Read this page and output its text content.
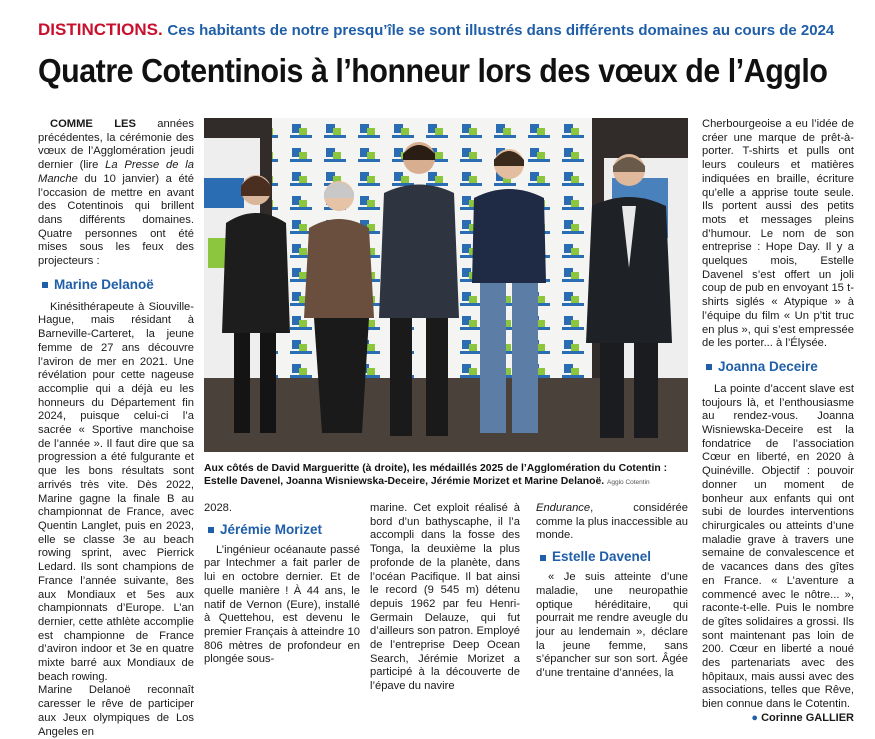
DISTINCTIONS. Ces habitants de notre presqu’île se sont illustrés dans différents domaines au cours de 2024
Quatre Cotentinois à l’honneur lors des vœux de l’Agglo

COMME LES années précédentes, la cérémonie des vœux de l’Agglomération jeudi dernier (lire La Presse de la Manche du 10 janvier) a été l’occasion de mettre en avant des Cotentinois qui brillent dans différents domaines. Quatre personnes ont été mises sous les feux des projecteurs :

Marine Delanoë

Kinésithérapeute à Siouville-Hague, mais résidant à Barneville-Carteret, la jeune femme de 27 ans découvre l’aviron de mer en 2021. Une révélation pour cette nageuse accomplie qui a déjà eu les honneurs du Département fin 2024, puisque celui-ci l’a sacrée « Sportive manchoise de l’année ». Il faut dire que sa progression a été fulgurante et que les bons résultats sont arrivés très vite. Dès 2022, Marine gagne la finale B au championnat de France, avec Quentin Langlet, puis en 2023, elle se classe 3e au beach rowing sprint, avec Pierrick Ledard. Ils sont champions de France l’année suivante, 8es aux Mondiaux et 5es aux championnats d’Europe. L’an dernier, cette athlète accomplie est championne de France d’aviron indoor et 3e en quatre mixte barré aux Mondiaux de beach rowing.

Marine Delanoë reconnaît caresser le rêve de participer aux Jeux olympiques de Los Angeles en

Aux côtés de David Margueritte (à droite), les médaillés 2025 de l’Agglomération du Cotentin : Estelle Davenel, Joanna Wisniewska-Deceire, Jérémie Morizet et Marine Delanoë. Agglo Cotentin

2028.

Jérémie Morizet

L’ingénieur océanaute passé par Intechmer a fait parler de lui en octobre dernier. Et de quelle manière ! À 44 ans, le natif de Vernon (Eure), installé à Quettehou, est devenu le premier Français à atteindre 10 806 mètres de profondeur en plongée sous-

marine. Cet exploit réalisé à bord d’un bathyscaphe, il l’a accompli dans la fosse des Tonga, la deuxième la plus profonde de la planète, dans l’océan Pacifique. Il bat ainsi le record (9 545 m) détenu depuis 1962 par feu Henri-Germain Delauze, qui fut d’ailleurs son patron. Employé de l’entreprise Deep Ocean Search, Jérémie Morizet a participé à la découverte de l’épave du navire

Endurance, considérée comme la plus inaccessible au monde.

Estelle Davenel

« Je suis atteinte d’une maladie, une neuropathie optique héréditaire, qui pourrait me rendre aveugle du jour au lendemain », déclare la jeune femme, sans s’épancher sur son sort. Âgée d’une trentaine d’années, la

Cherbourgeoise a eu l’idée de créer une marque de prêt-à-porter. T-shirts et pulls ont leurs couleurs et matières indiquées en braille, écriture qu’elle a apprise toute seule. Ils portent aussi des petits mots et messages pleins d’humour. Le nom de son entreprise : Hope Day. Il y a quelques mois, Estelle Davenel s’est offert un joli coup de pub en envoyant 15 t-shirts siglés « Atypique » à l’équipe du film « Un p’tit truc en plus », qui s’est empressée de les porter... à l’Élysée.

Joanna Deceire

La pointe d’accent slave est toujours là, et l’enthousiasme au rendez-vous. Joanna Wisniewska-Deceire est la fondatrice de l’association Cœur en liberté, en 2020 à Quinéville. Objectif : pouvoir donner un moment de bonheur aux enfants qui ont subi de lourdes interventions chirurgicales ou atteints d’une maladie grave à travers une semaine de convalescence et de vacances dans des gîtes en France. « L’aventure a commencé avec le nôtre... », raconte-t-elle. Puis le nombre de gîtes solidaires a grossi. Ils sont maintenant pas loin de 200. Cœur en liberté a noué des partenariats avec des hôpitaux, mais aussi avec des associations, telles que Rêve, bien connue dans le Cotentin.

● Corinne GALLIER
